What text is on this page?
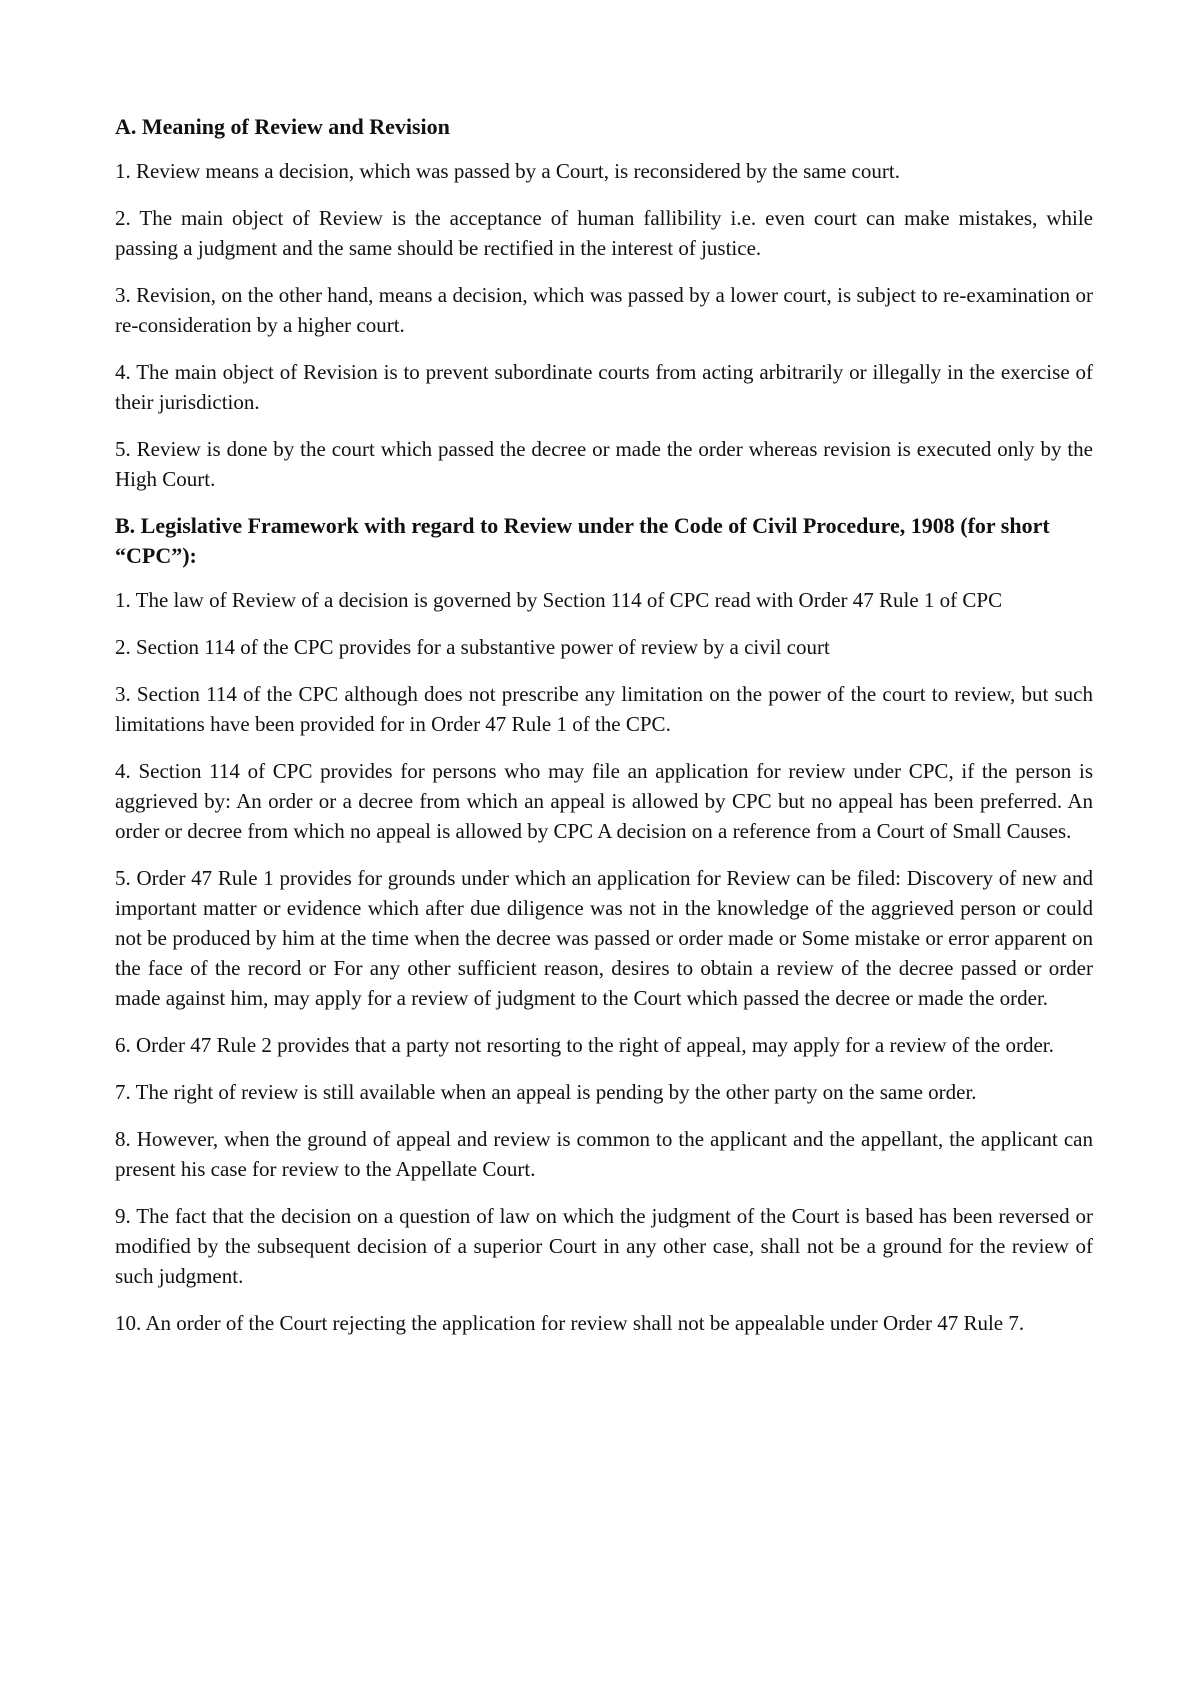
A. Meaning of Review and Revision

1. Review means a decision, which was passed by a Court, is reconsidered by the same court.

2. The main object of Review is the acceptance of human fallibility i.e. even court can make mistakes, while passing a judgment and the same should be rectified in the interest of justice.

3. Revision, on the other hand, means a decision, which was passed by a lower court, is subject to re-examination or re-consideration by a higher court.

4. The main object of Revision is to prevent subordinate courts from acting arbitrarily or illegally in the exercise of their jurisdiction.

5. Review is done by the court which passed the decree or made the order whereas revision is executed only by the High Court.

B. Legislative Framework with regard to Review under the Code of Civil Procedure, 1908 (for short “CPC”):

1. The law of Review of a decision is governed by Section 114 of CPC read with Order 47 Rule 1 of CPC

2. Section 114 of the CPC provides for a substantive power of review by a civil court

3. Section 114 of the CPC although does not prescribe any limitation on the power of the court to review, but such limitations have been provided for in Order 47 Rule 1 of the CPC.

4. Section 114 of CPC provides for persons who may file an application for review under CPC, if the person is aggrieved by: An order or a decree from which an appeal is allowed by CPC but no appeal has been preferred. An order or decree from which no appeal is allowed by CPC A decision on a reference from a Court of Small Causes.

5. Order 47 Rule 1 provides for grounds under which an application for Review can be filed: Discovery of new and important matter or evidence which after due diligence was not in the knowledge of the aggrieved person or could not be produced by him at the time when the decree was passed or order made or Some mistake or error apparent on the face of the record or For any other sufficient reason, desires to obtain a review of the decree passed or order made against him, may apply for a review of judgment to the Court which passed the decree or made the order.

6. Order 47 Rule 2 provides that a party not resorting to the right of appeal, may apply for a review of the order.

7. The right of review is still available when an appeal is pending by the other party on the same order.

8. However, when the ground of appeal and review is common to the applicant and the appellant, the applicant can present his case for review to the Appellate Court.

9. The fact that the decision on a question of law on which the judgment of the Court is based has been reversed or modified by the subsequent decision of a superior Court in any other case, shall not be a ground for the review of such judgment.

10. An order of the Court rejecting the application for review shall not be appealable under Order 47 Rule 7.
